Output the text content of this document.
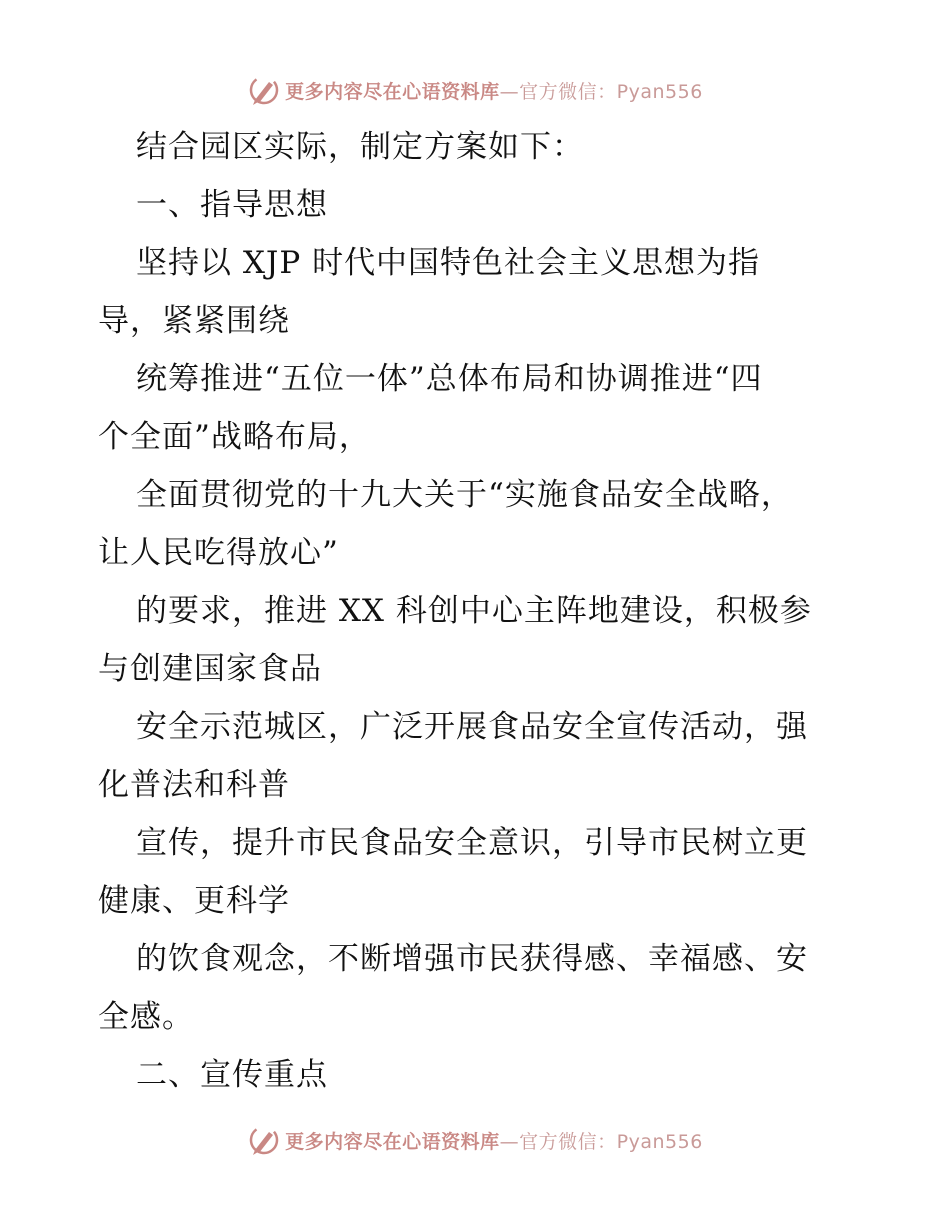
更多内容尽在心语资料库—官方微信：Pyan556
结合园区实际，制定方案如下：
一、指导思想
坚持以 XJP 时代中国特色社会主义思想为指
导，紧紧围绕
统筹推进“五位一体”总体布局和协调推进“四
个全面”战略布局，
全面贯彻党的十九大关于“实施食品安全战略，
让人民吃得放心”
的要求，推进 XX 科创中心主阵地建设，积极参
与创建国家食品
安全示范城区，广泛开展食品安全宣传活动，强
化普法和科普
宣传，提升市民食品安全意识，引导市民树立更
健康、更科学
的饮食观念，不断增强市民获得感、幸福感、安
全感。
二、宣传重点
更多内容尽在心语资料库—官方微信：Pyan556
